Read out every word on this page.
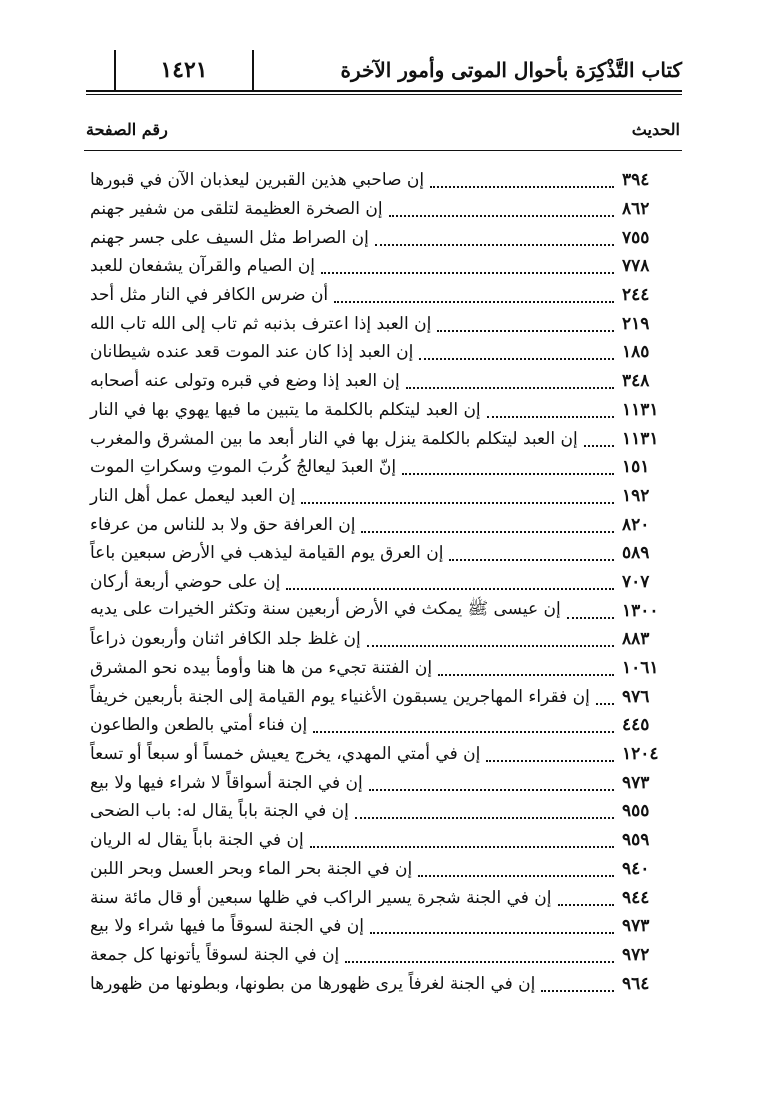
كتاب التَّذْكِرَة بأحوال الموتى وأمور الآخرة
١٤٢١
الحديث
رقم الصفحة
إن صاحبي هذين القبرين ليعذبان الآن في قبورها	٣٩٤
إن الصخرة العظيمة لتلقى من شفير جهنم	٨٦٢
إن الصراط مثل السيف على جسر جهنم	٧٥٥
إن الصيام والقرآن يشفعان للعبد	٧٧٨
أن ضرس الكافر في النار مثل أحد	٢٤٤
إن العبد إذا اعترف بذنبه ثم تاب إلى الله تاب الله	٢١٩
إن العبد إذا كان عند الموت قعد عنده شيطانان	١٨٥
إن العبد إذا وضع في قبره وتولى عنه أصحابه	٣٤٨
إن العبد ليتكلم بالكلمة ما يتبين ما فيها يهوي بها في النار	١١٣١
إن العبد ليتكلم بالكلمة ينزل بها في النار أبعد ما بين المشرق والمغرب	١١٣١
إنّ العبدَ ليعالجُ كُربَ الموتِ وسكراتِ الموت	١٥١
إن العبد ليعمل عمل أهل النار	١٩٢
إن العرافة حق ولا بد للناس من عرفاء	٨٢٠
إن العرق يوم القيامة ليذهب في الأرض سبعين باعاً	٥٨٩
إن على حوضي أربعة أركان	٧٠٧
إن عيسى ﷺ يمكث في الأرض أربعين سنة وتكثر الخيرات على يديه	١٣٠٠
إن غلظ جلد الكافر اثنان وأربعون ذراعاً	٨٨٣
إن الفتنة تجيء من ها هنا وأومأ بيده نحو المشرق	١٠٦١
إن فقراء المهاجرين يسبقون الأغنياء يوم القيامة إلى الجنة بأربعين خريفاً ٩٧٦
إن فناء أمتي بالطعن والطاعون	٤٤٥
إن في أمتي المهدي، يخرج يعيش خمساً أو سبعاً أو تسعاً	١٢٠٤
إن في الجنة أسواقاً لا شراء فيها ولا بيع	٩٧٣
إن في الجنة باباً يقال له: باب الضحى	٩٥٥
إن في الجنة باباً يقال له الريان	٩٥٩
إن في الجنة بحر الماء وبحر العسل وبحر اللبن	٩٤٠
إن في الجنة شجرة يسير الراكب في ظلها سبعين أو قال مائة سنة	٩٤٤
إن في الجنة لسوقاً ما فيها شراء ولا بيع	٩٧٣
إن في الجنة لسوقاً يأتونها كل جمعة	٩٧٢
إن في الجنة لغرفاً يرى ظهورها من بطونها، وبطونها من ظهورها	٩٦٤
